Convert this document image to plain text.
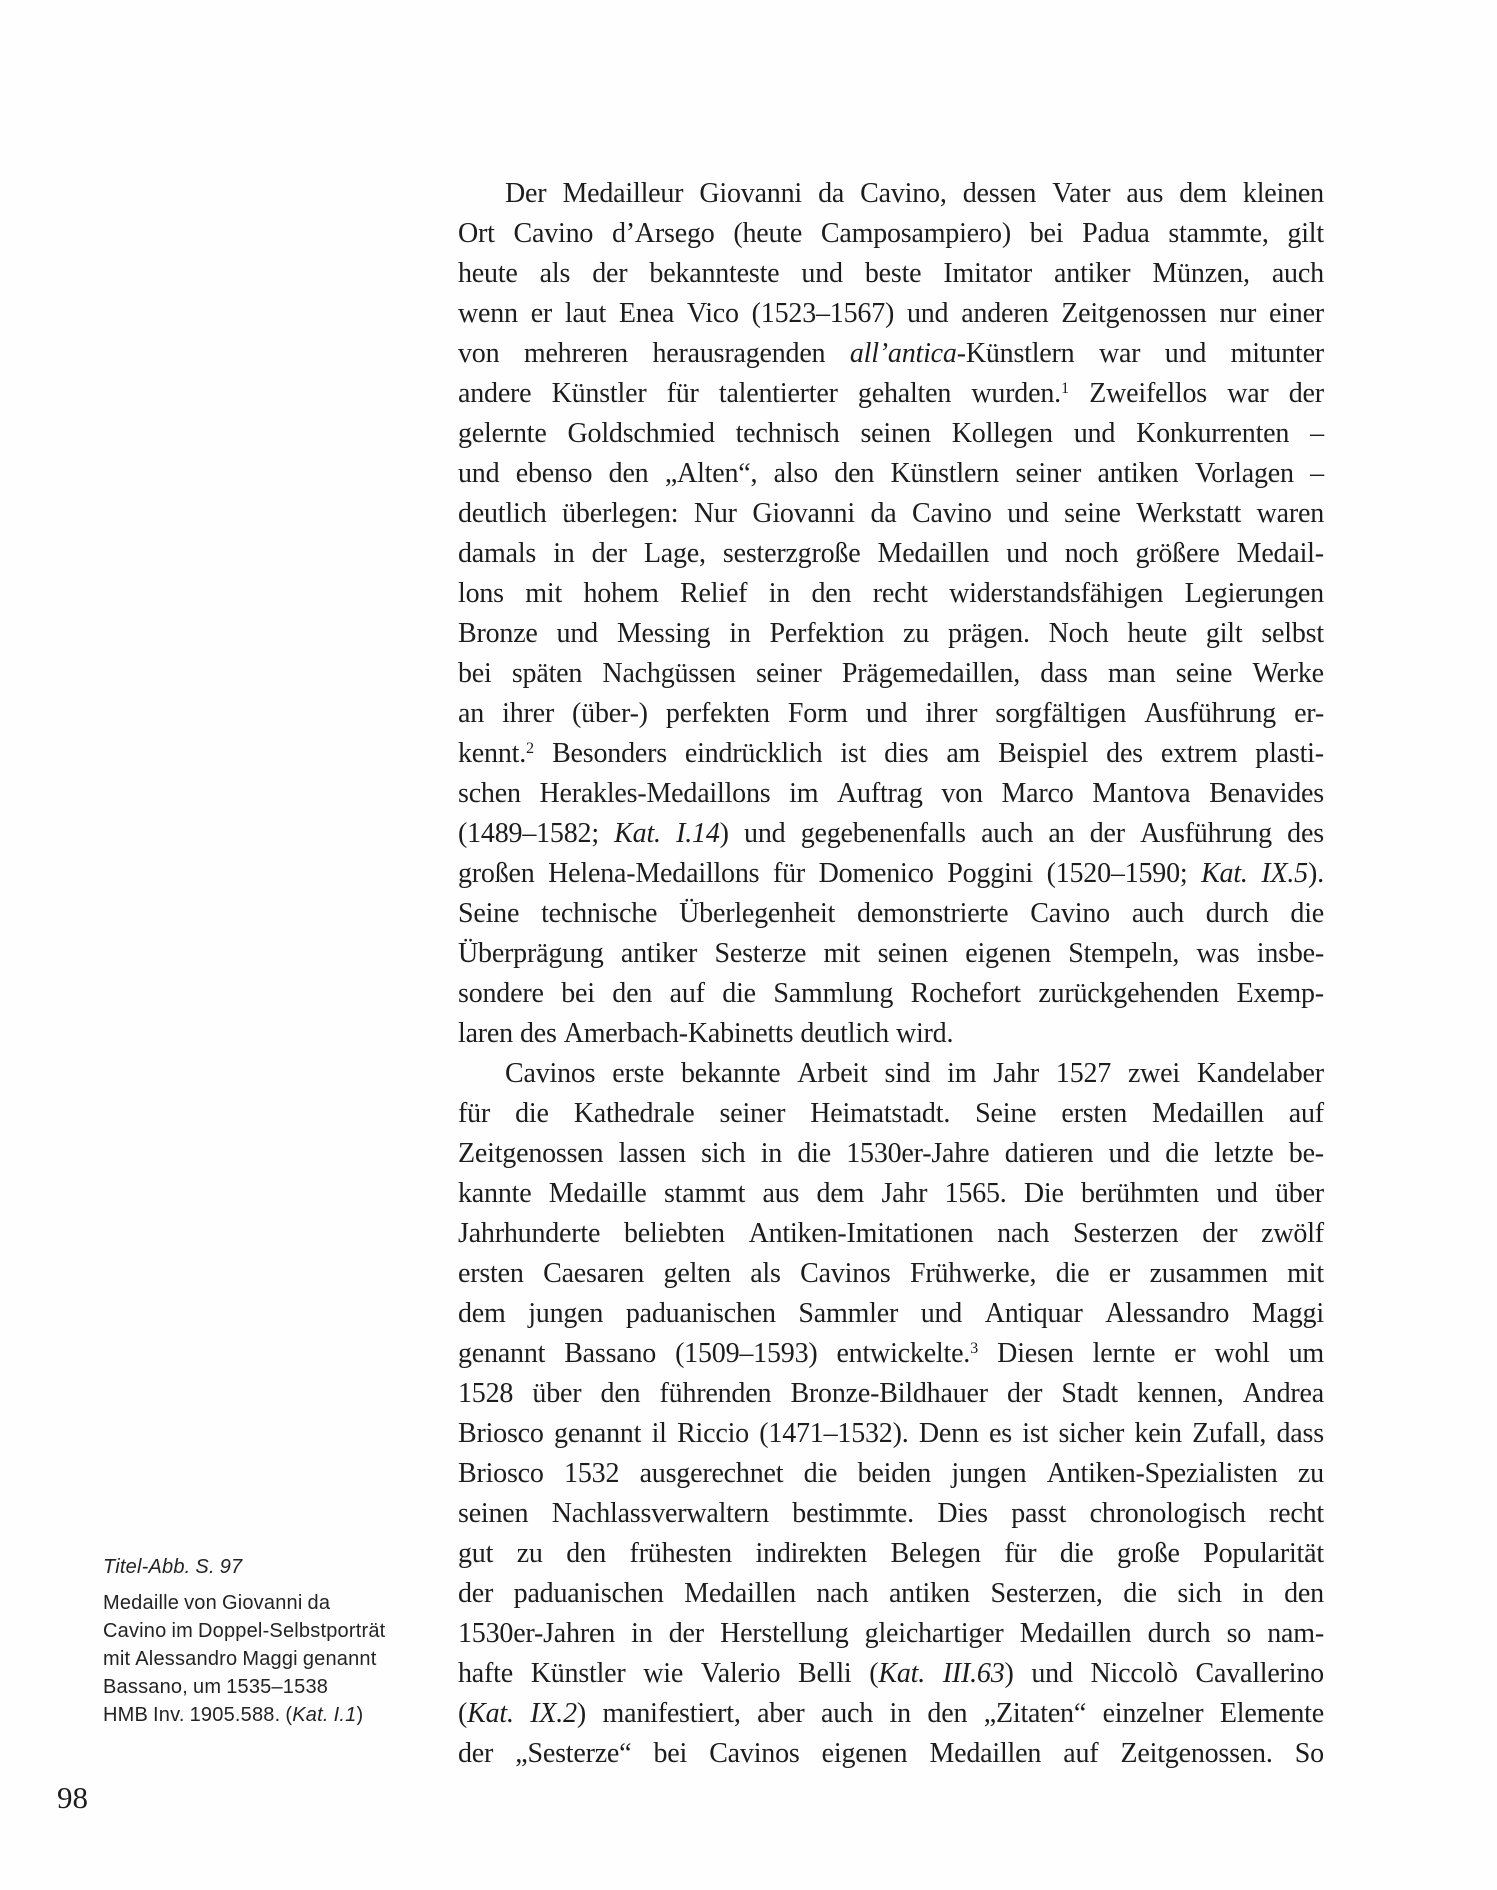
Der Medailleur Giovanni da Cavino, dessen Vater aus dem kleinen
Ort Cavino d’Arsego (heute Camposampiero) bei Padua stammte, gilt
heute als der bekannteste und beste Imitator antiker Münzen, auch
wenn er laut Enea Vico (1523–1567) und anderen Zeitgenossen nur einer
von mehreren herausragenden all’antica-Künstlern war und mitunter
andere Künstler für talentierter gehalten wurden.$^1$ Zweifellos war der
gelernte Goldschmied technisch seinen Kollegen und Konkurrenten –
und ebenso den „Alten“, also den Künstlern seiner antiken Vorlagen –
deutlich überlegen: Nur Giovanni da Cavino und seine Werkstatt waren
damals in der Lage, sesterzgroße Medaillen und noch größere Medail-
lons mit hohem Relief in den recht widerstandsfähigen Legierungen
Bronze und Messing in Perfektion zu prägen. Noch heute gilt selbst
bei späten Nachgüssen seiner Prägemedaillen, dass man seine Werke
an ihrer (über-) perfekten Form und ihrer sorgfältigen Ausführung er-
kennt.$^2$ Besonders eindrücklich ist dies am Beispiel des extrem plasti-
schen Herakles-Medaillons im Auftrag von Marco Mantova Benavides
(1489–1582; Kat. I.14) und gegebenenfalls auch an der Ausführung des
großen Helena-Medaillons für Domenico Poggini (1520–1590; Kat. IX.5).
Seine technische Überlegenheit demonstrierte Cavino auch durch die
Überprägung antiker Sesterze mit seinen eigenen Stempeln, was insbe-
sondere bei den auf die Sammlung Rochefort zurückgehenden Exemp-
laren des Amerbach-Kabinetts deutlich wird.
Cavinos erste bekannte Arbeit sind im Jahr 1527 zwei Kandelaber
für die Kathedrale seiner Heimatstadt. Seine ersten Medaillen auf
Zeitgenossen lassen sich in die 1530er-Jahre datieren und die letzte be-
kannte Medaille stammt aus dem Jahr 1565. Die berühmten und über
Jahrhunderte beliebten Antiken-Imitationen nach Sesterzen der zwölf
ersten Caesaren gelten als Cavinos Frühwerke, die er zusammen mit
dem jungen paduanischen Sammler und Antiquar Alessandro Maggi
genannt Bassano (1509–1593) entwickelte.$^3$ Diesen lernte er wohl um
1528 über den führenden Bronze-Bildhauer der Stadt kennen, Andrea
Briosco genannt il Riccio (1471–1532). Denn es ist sicher kein Zufall, dass
Briosco 1532 ausgerechnet die beiden jungen Antiken-Spezialisten zu
seinen Nachlassverwaltern bestimmte. Dies passt chronologisch recht
gut zu den frühesten indirekten Belegen für die große Popularität
der paduanischen Medaillen nach antiken Sesterzen, die sich in den
1530er-Jahren in der Herstellung gleichartiger Medaillen durch so nam-
hafte Künstler wie Valerio Belli (Kat. III.63) und Niccolò Cavallerino
(Kat. IX.2) manifestiert, aber auch in den „Zitaten“ einzelner Elemente
der „Sesterze“ bei Cavinos eigenen Medaillen auf Zeitgenossen. So
Titel-Abb. S. 97
Medaille von Giovanni da
Cavino im Doppel-Selbstporträt
mit Alessandro Maggi genannt
Bassano, um 1535–1538
HMB Inv. 1905.588. (Kat. I.1)
98
